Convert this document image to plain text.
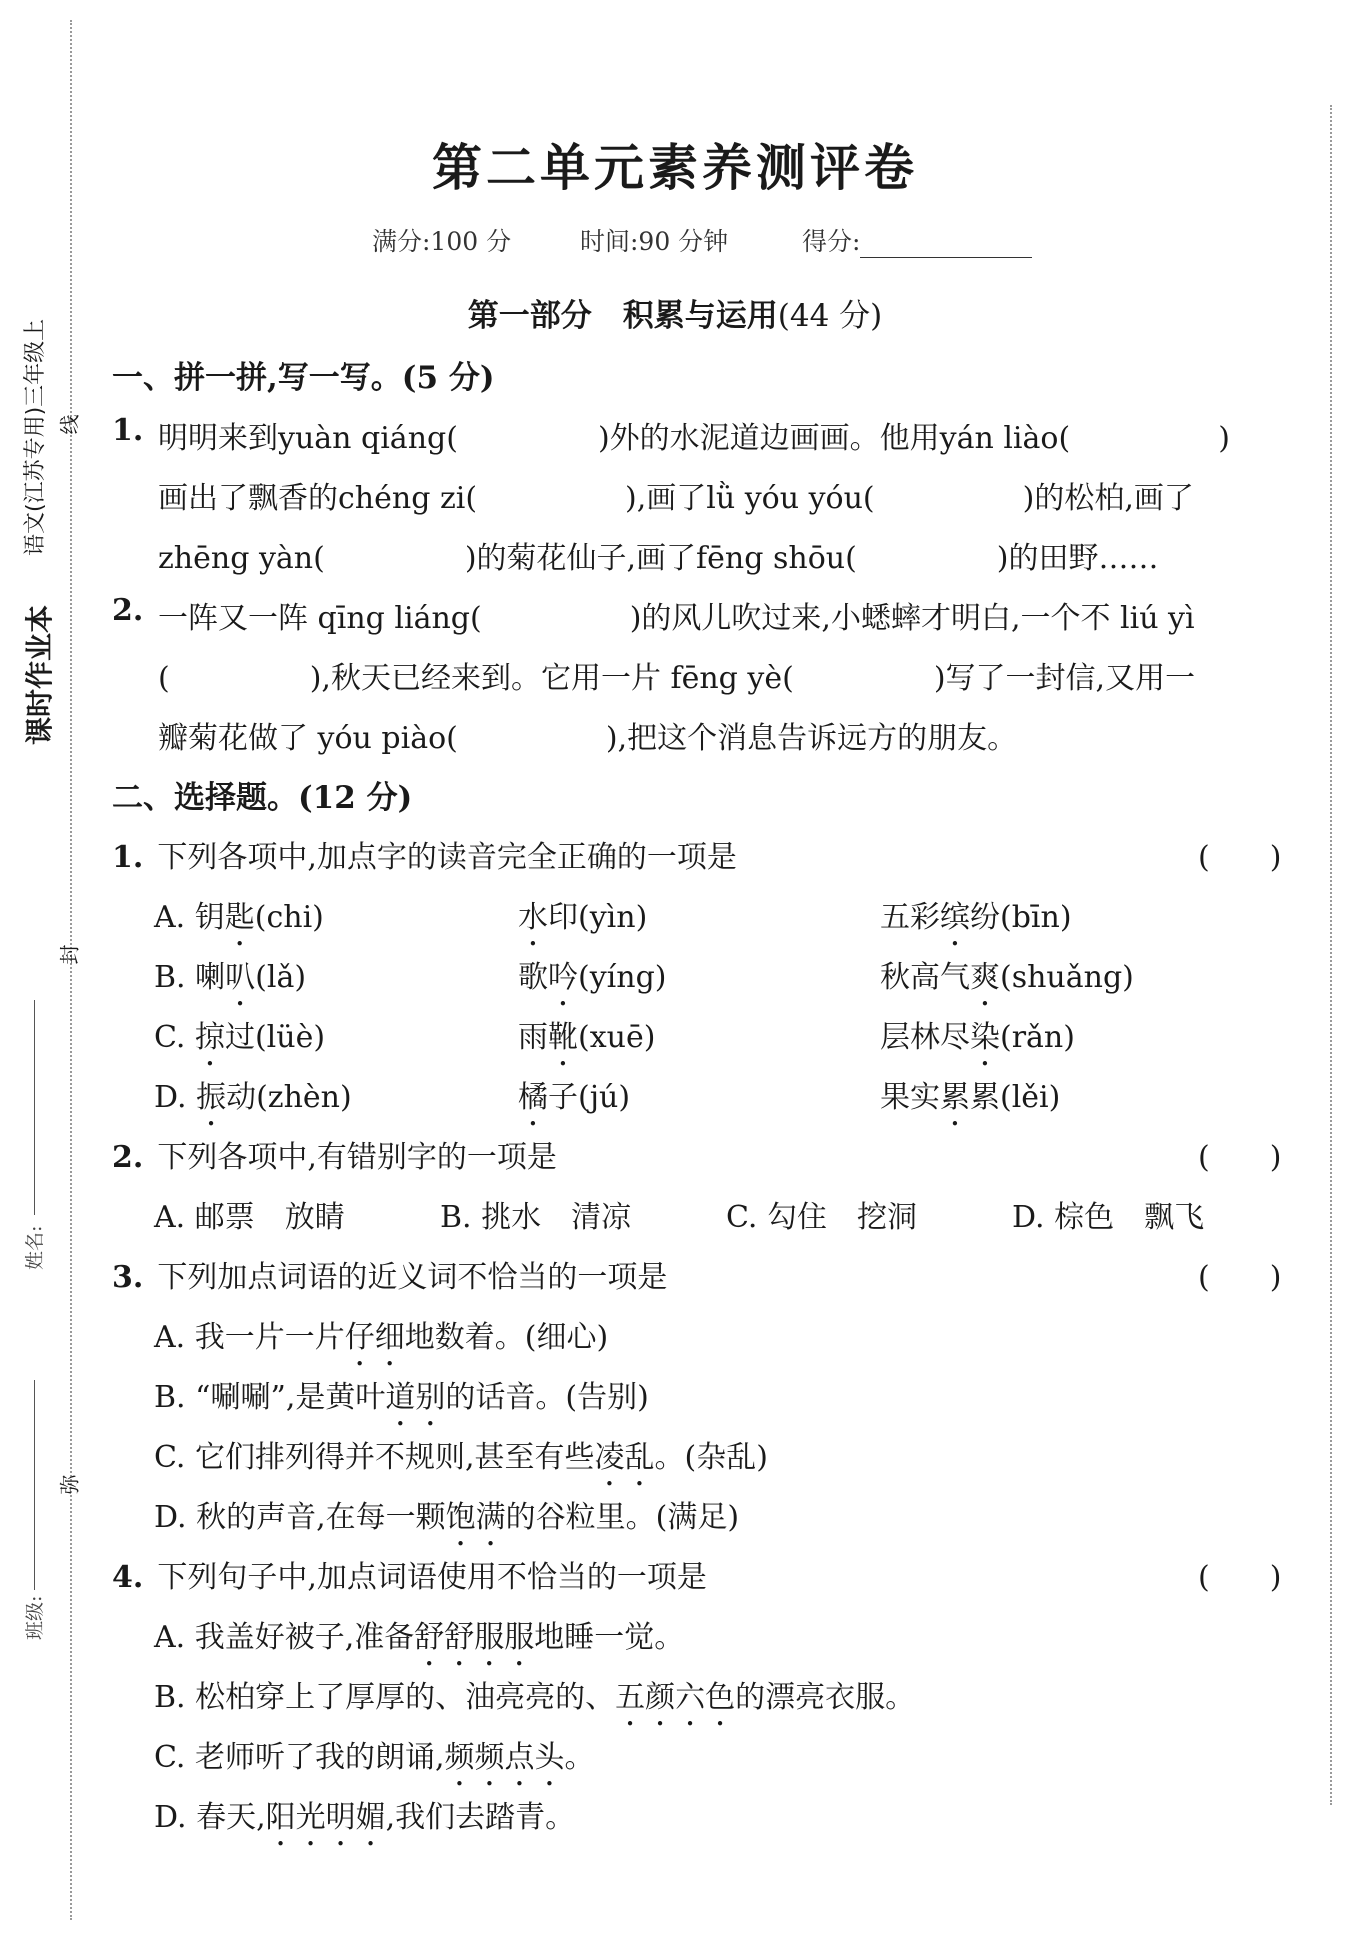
课时作业本
语文(江苏专用)三年级上 线
封
弥
姓名:
班级:
第二单元素养测评卷
满分:100 分	时间:90 分钟	得分:
第一部分　积累与运用(44 分)
一、拼一拼,写一写。(5 分)
1. 明明来到yuàn qiáng(	)外的水泥道边画画。他用yán liào(	)
画出了飘香的chéng zi(	),画了lǜ yóu yóu(	)的松柏,画了
zhēng yàn(	)的菊花仙子,画了fēng shōu(	)的田野……
2. 一阵又一阵 qīng liáng(	)的风儿吹过来,小蟋蟀才明白,一个不 liú yì
(	),秋天已经来到。它用一片 fēng yè(	)写了一封信,又用一
瓣菊花做了 yóu piào(	),把这个消息告诉远方的朋友。
二、选择题。(12 分)
1. 下列各项中,加点字的读音完全正确的一项是	(　　)
A. 钥匙(chi)	水印(yìn)	五彩缤纷(bīn)
B. 喇叭(lǎ)	歌吟(yíng)	秋高气爽(shuǎng)
C. 掠过(lüè)	雨靴(xuē)	层林尽染(rǎn)
D. 振动(zhèn)	橘子(jú)	果实累累(lěi)
2. 下列各项中,有错别字的一项是	(　　)
A. 邮票　 放睛	B. 挑水　 清凉	C. 勾住　 挖洞	D. 棕色　 飘飞
3. 下列加点词语的近义词不恰当的一项是	(　　)
A. 我一片一片仔细地数着。(细心)
B. “唰唰”,是黄叶道别的话音。(告别)
C. 它们排列得并不规则,甚至有些凌乱。(杂乱)
D. 秋的声音,在每一颗饱满的谷粒里。(满足)
4. 下列句子中,加点词语使用不恰当的一项是	(　　)
A. 我盖好被子,准备舒舒服服地睡一觉。
B. 松柏穿上了厚厚的、油亮亮的、五颜六色的漂亮衣服。
C. 老师听了我的朗诵,频频点头。
D. 春天,阳光明媚,我们去踏青。
